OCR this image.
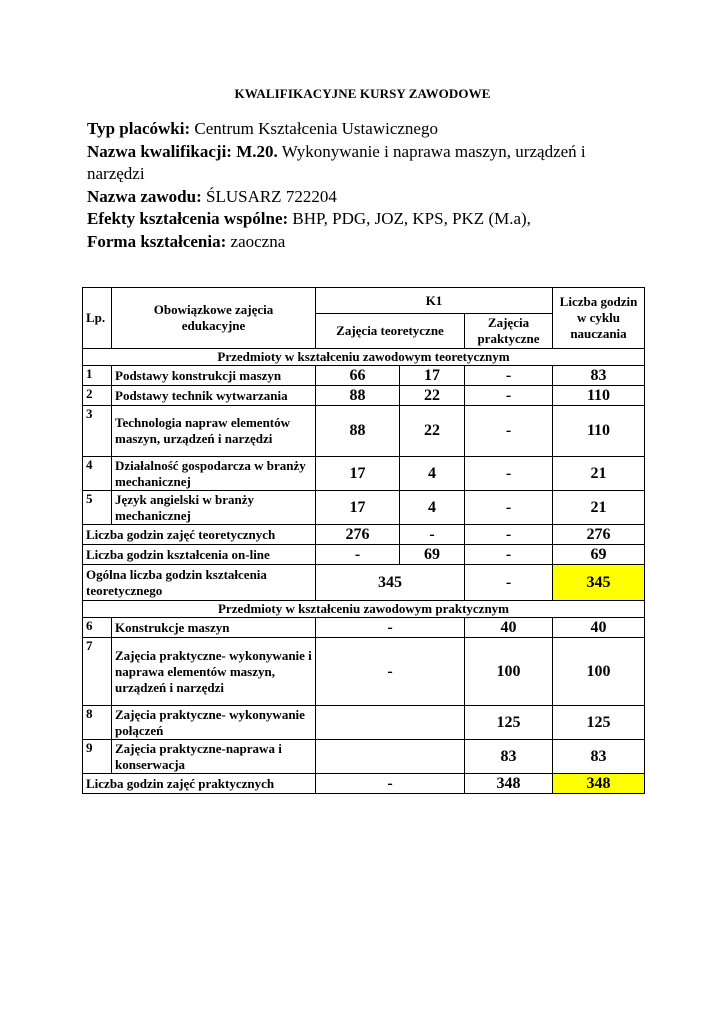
KWALIFIKACYJNE KURSY ZAWODOWE
Typ placówki: Centrum Kształcenia Ustawicznego
Nazwa kwalifikacji: M.20. Wykonywanie i naprawa maszyn, urządzeń i narzędzi
Nazwa zawodu: ŚLUSARZ 722204
Efekty kształcenia wspólne: BHP, PDG, JOZ, KPS, PKZ (M.a),
Forma kształcenia: zaoczna
Lp.	Obowiązkowe zajęcia edukacyjne	K1			Liczba godzin w cyklu nauczania
		Zajęcia teoretyczne		Zajęcia praktyczne	
Przedmioty w kształceniu zawodowym teoretycznym					
1	Podstawy konstrukcji maszyn	66	17	-	83
2	Podstawy technik wytwarzania	88	22	-	110
3	Technologia napraw elementów maszyn, urządzeń i narzędzi	88	22	-	110
4	Działalność gospodarcza w branży mechanicznej	17	4	-	21
5	Język angielski w branży mechanicznej	17	4	-	21
Liczba godzin zajęć teoretycznych		276	-	-	276
Liczba godzin kształcenia on-line		-	69	-	69
Ogólna liczba godzin kształcenia teoretycznego		345		-	345
Przedmioty w kształceniu zawodowym praktycznym					
6	Konstrukcje maszyn	-		40	40
7	Zajęcia praktyczne- wykonywanie i naprawa elementów maszyn, urządzeń i narzędzi	-		100	100
8	Zajęcia praktyczne- wykonywanie połączeń			125	125
9	Zajęcia praktyczne-naprawa i konserwacja			83	83
Liczba godzin zajęć praktycznych		-		348	348
